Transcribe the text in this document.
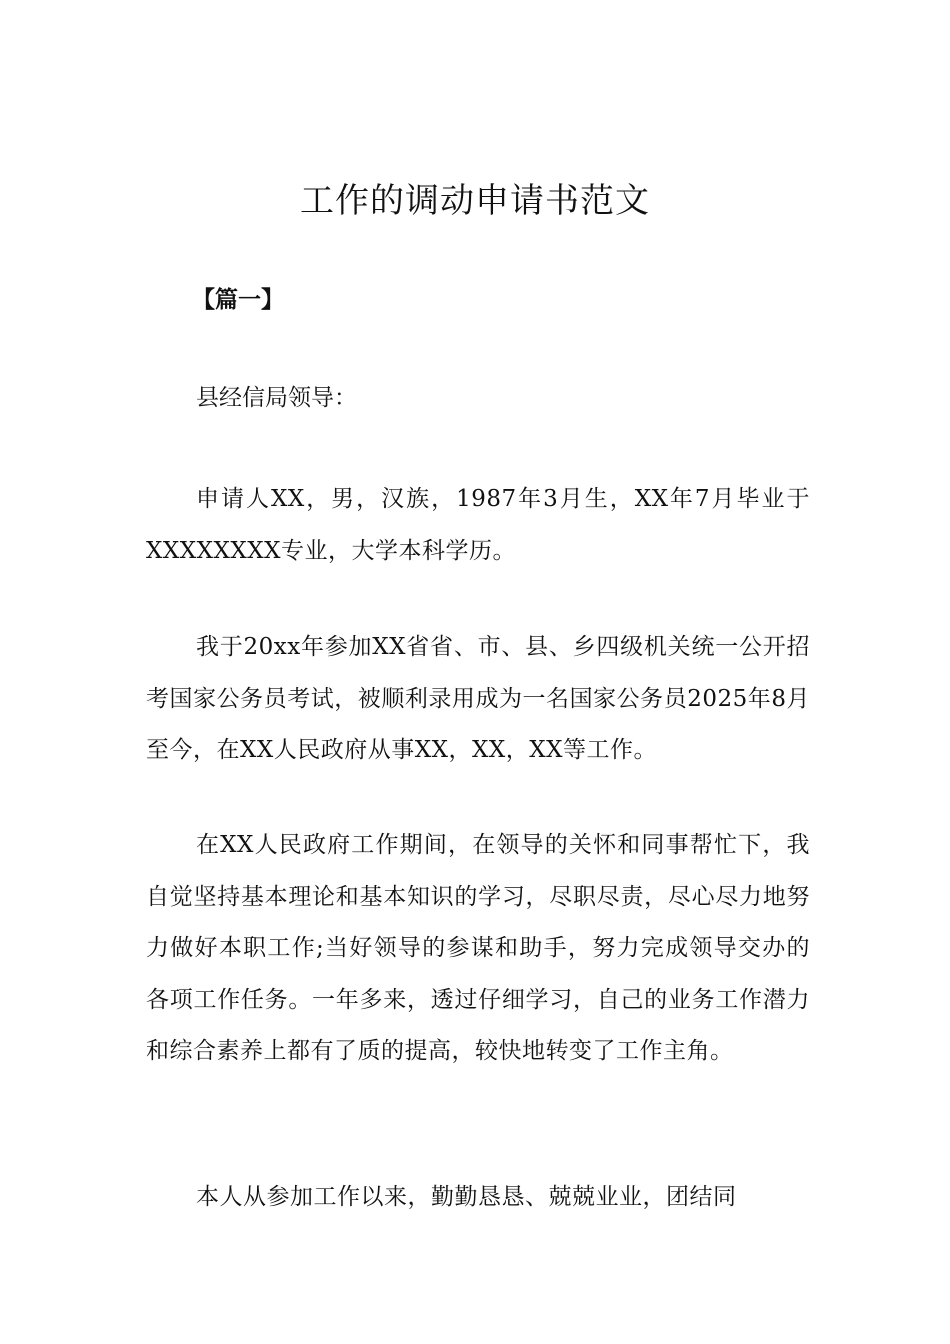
工作的调动申请书范文
【篇一】
县经信局领导：

申请人XX，男，汉族，1987年3月生，XX年7月毕业于XXXXXXXX专业，大学本科学历。

我于20xx年参加XX省省、市、县、乡四级机关统一公开招考国家公务员考试，被顺利录用成为一名国家公务员2025年8月至今，在XX人民政府从事XX，XX，XX等工作。

在XX人民政府工作期间，在领导的关怀和同事帮忙下，我自觉坚持基本理论和基本知识的学习，尽职尽责，尽心尽力地努力做好本职工作;当好领导的参谋和助手，努力完成领导交办的各项工作任务。一年多来，透过仔细学习，自己的业务工作潜力和综合素养上都有了质的提高，较快地转变了工作主角。

本人从参加工作以来，勤勤恳恳、兢兢业业，团结同
